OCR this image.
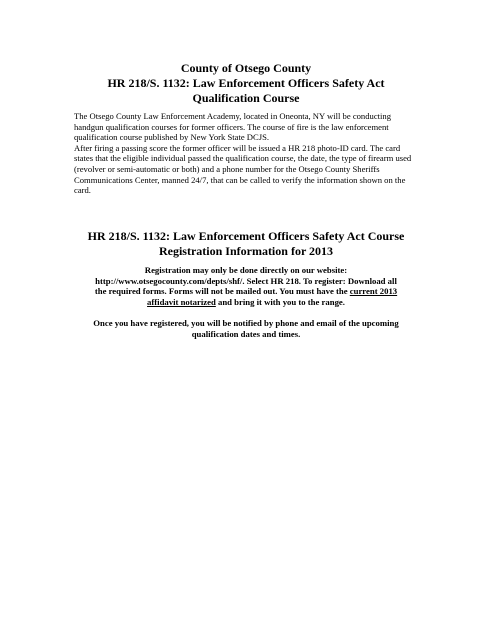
County of Otsego County
HR 218/S. 1132: Law Enforcement Officers Safety Act
Qualification Course

The Otsego County Law Enforcement Academy, located in Oneonta, NY will be conducting handgun qualification courses for former officers. The course of fire is the law enforcement qualification course published by New York State DCJS.

After firing a passing score the former officer will be issued a HR 218 photo-ID card. The card states that the eligible individual passed the qualification course, the date, the type of firearm used (revolver or semi-automatic or both) and a phone number for the Otsego County Sheriffs Communications Center, manned 24/7, that can be called to verify the information shown on the card.

HR 218/S. 1132: Law Enforcement Officers Safety Act Course
Registration Information for 2013
Registration may only be done directly on our website:
http://www.otsegocounty.com/depts/shf/. Select HR 218. To register: Download all
the required forms. Forms will not be mailed out. You must have the current 2013
affidavit notarized and bring it with you to the range.
Once you have registered, you will be notified by phone and email of the upcoming
qualification dates and times.
